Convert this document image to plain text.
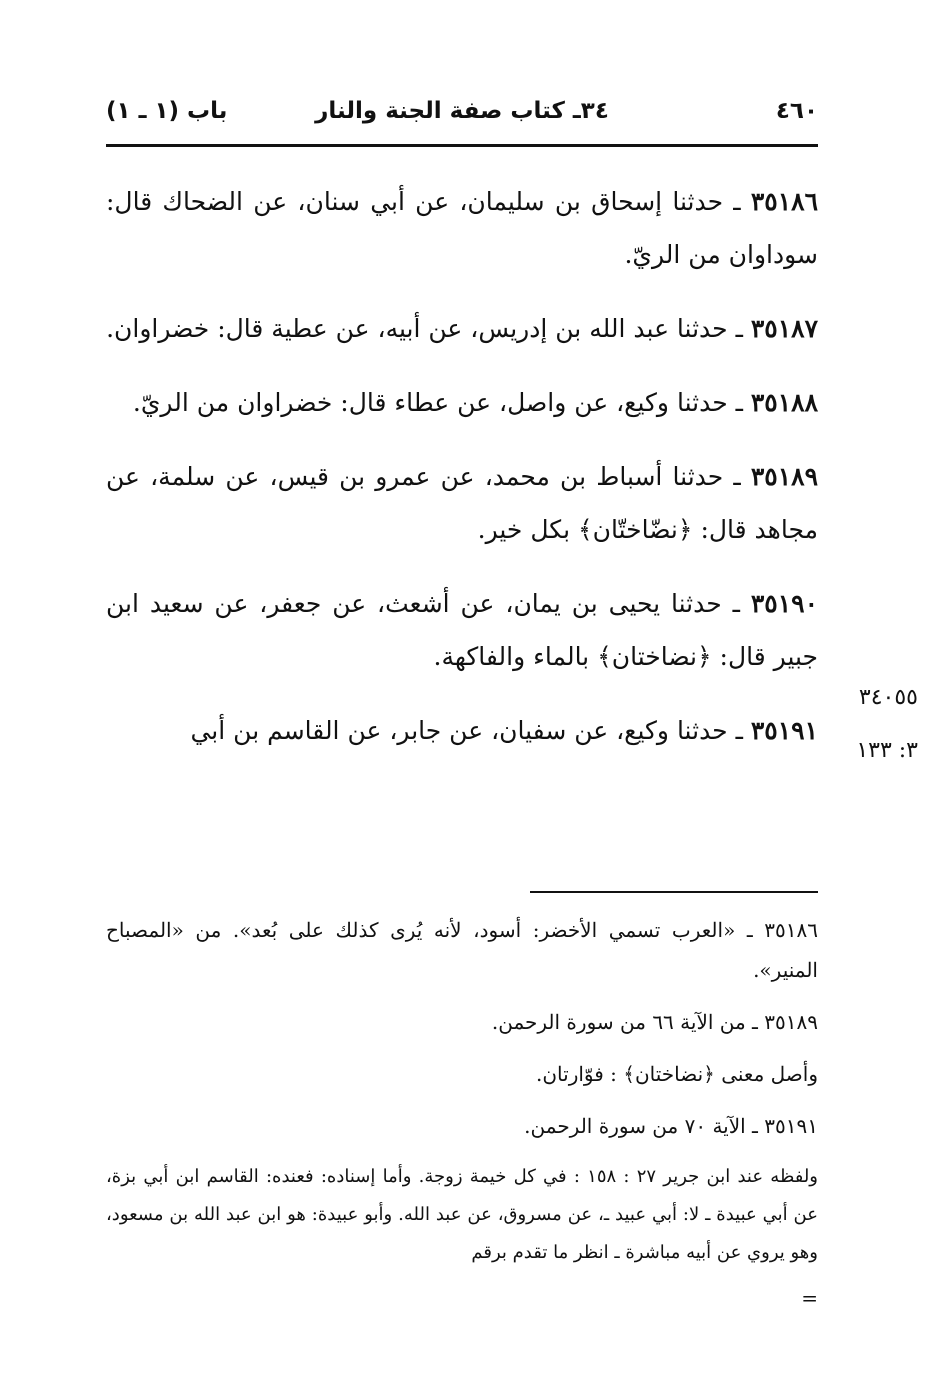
٤٦٠
٣٤ـ كتاب صفة الجنة والنار
باب (١ ـ ١)

٣٥١٨٦ ـ حدثنا إسحاق بن سليمان، عن أبي سنان، عن الضحاك قال: سوداوان من الريّ.

٣٥١٨٧ ـ حدثنا عبد الله بن إدريس، عن أبيه، عن عطية قال: خضراوان.

٣٥١٨٨ ـ حدثنا وكيع، عن واصل، عن عطاء قال: خضراوان من الريّ.

٣٥١٨٩ ـ حدثنا أسباط بن محمد، عن عمرو بن قيس، عن سلمة، عن مجاهد قال: ﴿نضّاختّان﴾ بكل خير.

٣٥١٩٠ ـ حدثنا يحيى بن يمان، عن أشعث، عن جعفر، عن سعيد ابن جبير قال: ﴿نضاختان﴾ بالماء والفاكهة.

٣٥١٩١ ـ حدثنا وكيع، عن سفيان، عن جابر، عن القاسم بن أبي

٣٤٠٥٥
٣: ١٣٣

٣٥١٨٦ ـ «العرب تسمي الأخضر: أسود، لأنه يُرى كذلك على بُعد». من «المصباح المنير».

٣٥١٨٩ ـ من الآية ٦٦ من سورة الرحمن.

وأصل معنى ﴿نضاختان﴾ : فوّارتان.

٣٥١٩١ ـ الآية ٧٠ من سورة الرحمن.

ولفظه عند ابن جرير ٢٧ : ١٥٨ : في كل خيمة زوجة. وأما إسناده: فعنده: القاسم ابن أبي بزة، عن أبي عبيدة ـ لا: أبي عبيد ـ، عن مسروق، عن عبد الله. وأبو عبيدة: هو ابن عبد الله بن مسعود، وهو يروي عن أبيه مباشرة ـ انظر ما تقدم برقم

=
